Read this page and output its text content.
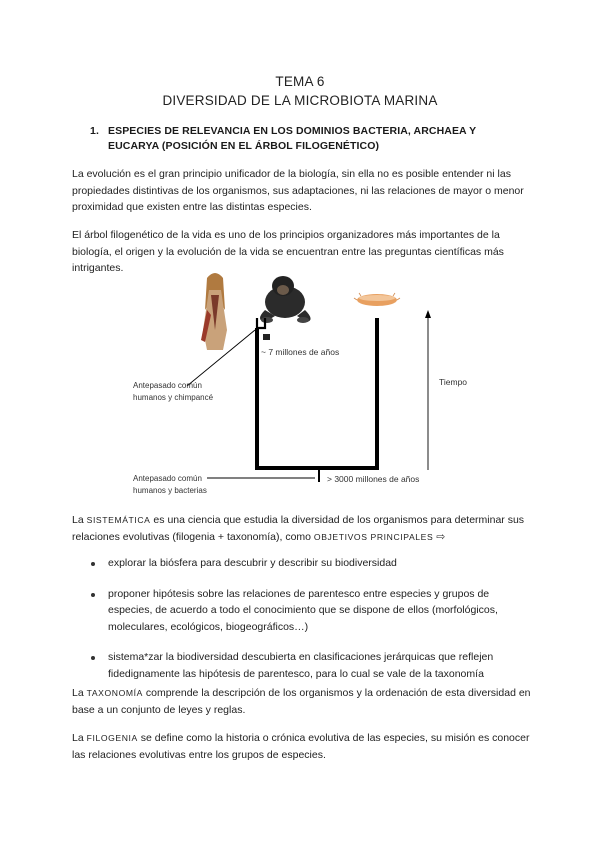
TEMA 6
DIVERSIDAD DE LA MICROBIOTA MARINA
1. ESPECIES DE RELEVANCIA EN LOS DOMINIOS BACTERIA, ARCHAEA Y EUCARYA (POSICIÓN EN EL ÁRBOL FILOGENÉTICO)

La evolución es el gran principio unificador de la biología, sin ella no es posible entender ni las propiedades distintivas de los organismos, sus adaptaciones, ni las relaciones de mayor o menor proximidad que existen entre las distintas especies.

El árbol filogenético de la vida es uno de los principios organizadores más importantes de la biología, el origen y la evolución de la vida se encuentran entre las preguntas científicas más intrigantes.

~ 7 millones de años
Antepasado común
humanos y chimpancé
Tiempo
Antepasado común
humanos y bacterias
> 3000 millones de años

La SISTEMÁTICA es una ciencia que estudia la diversidad de los organismos para determinar sus relaciones evolutivas (filogenia + taxonomía), como OBJETIVOS PRINCIPALES ⇨

explorar la biósfera para descubrir y describir su biodiversidad
proponer hipótesis sobre las relaciones de parentesco entre especies y grupos de especies, de acuerdo a todo el conocimiento que se dispone de ellos (morfológicos, moleculares, ecológicos, biogeográficos…)
sistema*zar la biodiversidad descubierta en clasificaciones jerárquicas que reflejen fidedignamente las hipótesis de parentesco, para lo cual se vale de la taxonomía

La TAXONOMÍA comprende la descripción de los organismos y la ordenación de esta diversidad en base a un conjunto de leyes y reglas.

La FILOGENIA se define como la historia o crónica evolutiva de las especies, su misión es conocer las relaciones evolutivas entre los grupos de especies.
